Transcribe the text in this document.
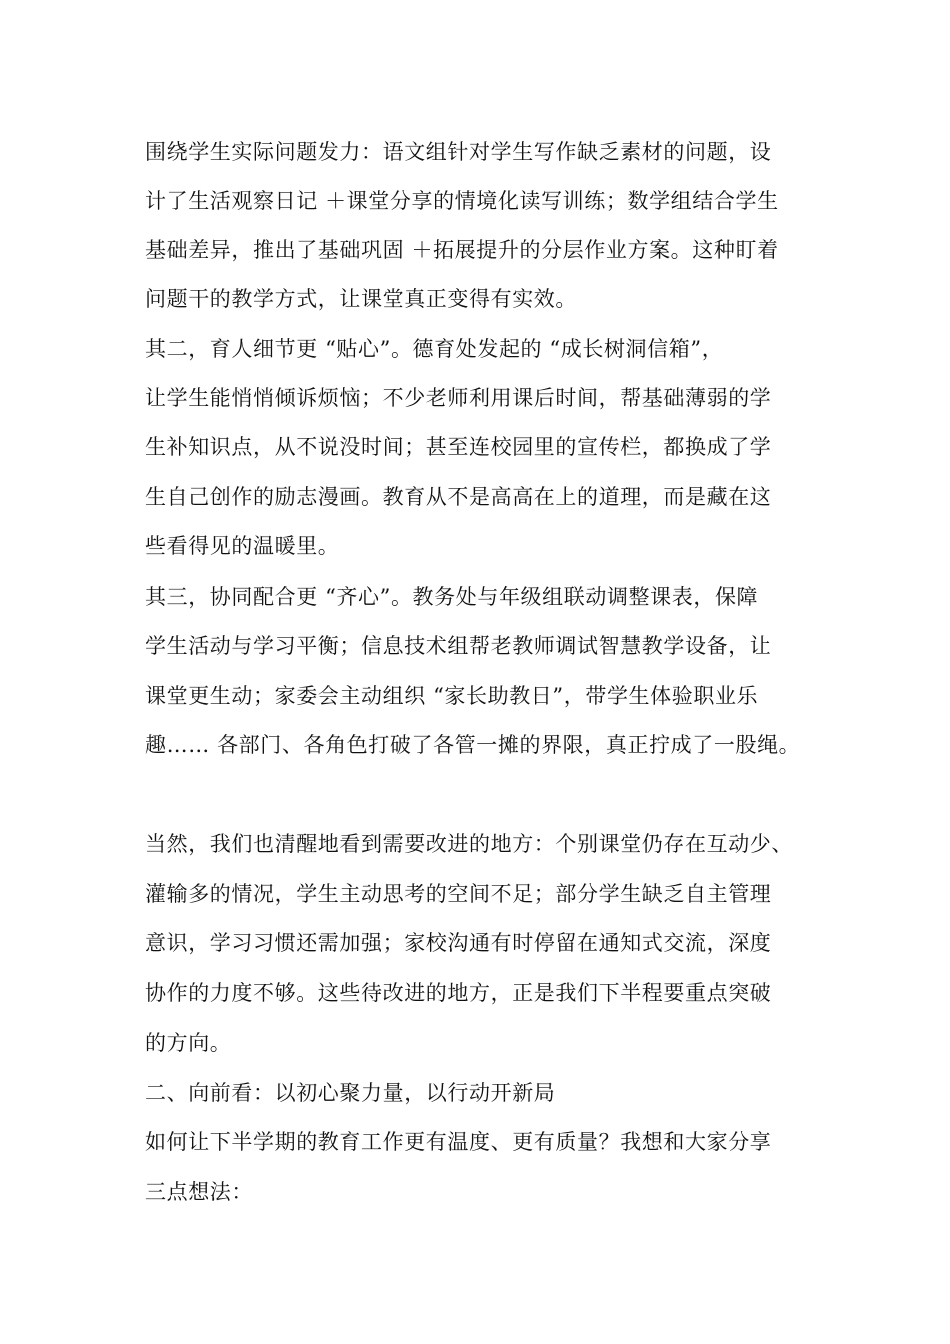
围绕学生实际问题发力：语文组针对学生写作缺乏素材的问题，设
计了生活观察日记 ＋课堂分享的情境化读写训练；数学组结合学生
基础差异，推出了基础巩固 ＋拓展提升的分层作业方案。这种盯着
问题干的教学方式，让课堂真正变得有实效。
其二，育人细节更 “贴心”。德育处发起的 “成长树洞信箱”，
让学生能悄悄倾诉烦恼；不少老师利用课后时间，帮基础薄弱的学
生补知识点，从不说没时间；甚至连校园里的宣传栏，都换成了学
生自己创作的励志漫画。教育从不是高高在上的道理，而是藏在这
些看得见的温暖里。
其三，协同配合更 “齐心”。教务处与年级组联动调整课表，保障
学生活动与学习平衡；信息技术组帮老教师调试智慧教学设备，让
课堂更生动；家委会主动组织 “家长助教日”，带学生体验职业乐
趣…… 各部门、各角色打破了各管一摊的界限，真正拧成了一股绳。
当然，我们也清醒地看到需要改进的地方：个别课堂仍存在互动少、
灌输多的情况，学生主动思考的空间不足；部分学生缺乏自主管理
意识，学习习惯还需加强；家校沟通有时停留在通知式交流，深度
协作的力度不够。这些待改进的地方，正是我们下半程要重点突破
的方向。
二、向前看：以初心聚力量，以行动开新局
如何让下半学期的教育工作更有温度、更有质量？我想和大家分享
三点想法：
